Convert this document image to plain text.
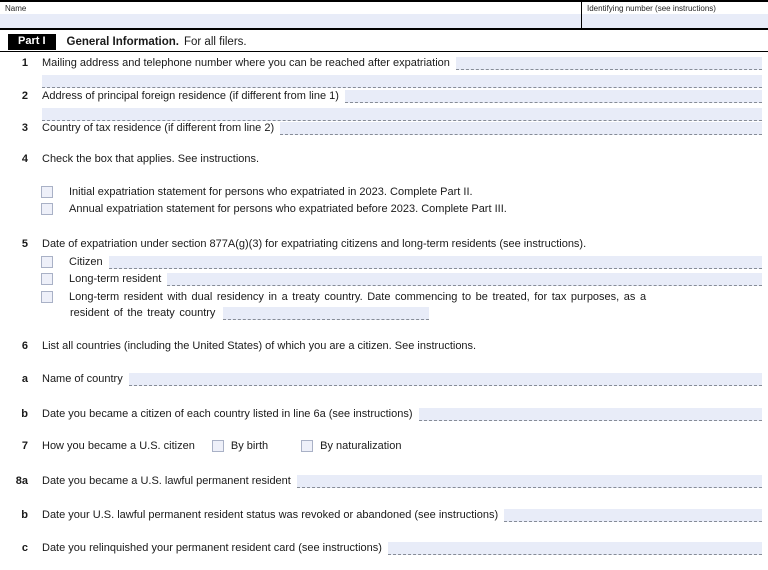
Name	Identifying number (see instructions)
Part I	General Information. For all filers.
1 Mailing address and telephone number where you can be reached after expatriation
2 Address of principal foreign residence (if different from line 1)
3 Country of tax residence (if different from line 2)
4 Check the box that applies. See instructions.
Initial expatriation statement for persons who expatriated in 2023. Complete Part II.
Annual expatriation statement for persons who expatriated before 2023. Complete Part III.
5 Date of expatriation under section 877A(g)(3) for expatriating citizens and long-term residents (see instructions).
Citizen
Long-term resident
Long-term resident with dual residency in a treaty country. Date commencing to be treated, for tax purposes, as a
resident of the treaty country
6 List all countries (including the United States) of which you are a citizen. See instructions.
a Name of country
b Date you became a citizen of each country listed in line 6a (see instructions)
7 How you became a U.S. citizen	By birth	By naturalization
8a Date you became a U.S. lawful permanent resident
b Date your U.S. lawful permanent resident status was revoked or abandoned (see instructions)
c Date you relinquished your permanent resident card (see instructions)
